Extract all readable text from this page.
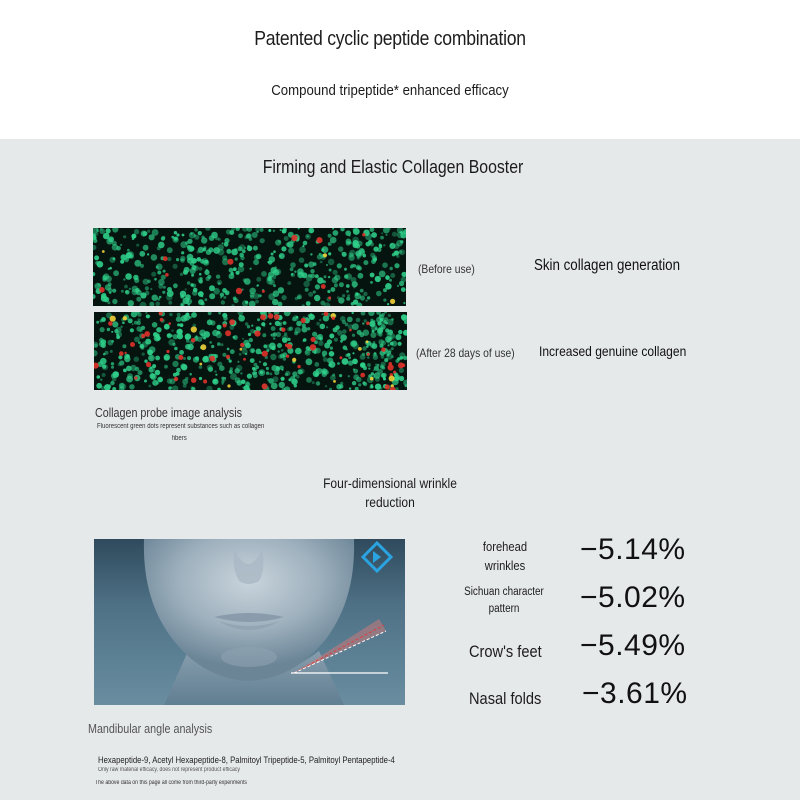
Patented cyclic peptide combination
Compound tripeptide* enhanced efficacy
Firming and Elastic Collagen Booster
(Before use)	Skin collagen generation
(After 28 days of use) Increased genuine collagen
Collagen probe image analysis
Fluorescent green dots represent substances such as collagen
fibers
Four-dimensional wrinkle
reduction
Mandibular angle analysis
forehead
wrinkles	−5.14%
Sichuan character
pattern	−5.02%
Crow's feet −5.49%
Nasal folds −3.61%
Hexapeptide-9, Acetyl Hexapeptide-8, Palmitoyl Tripeptide-5, Palmitoyl Pentapeptide-4
Only raw material efficacy, does not represent product efficacy
The above data on this page all come from third-party experiments
